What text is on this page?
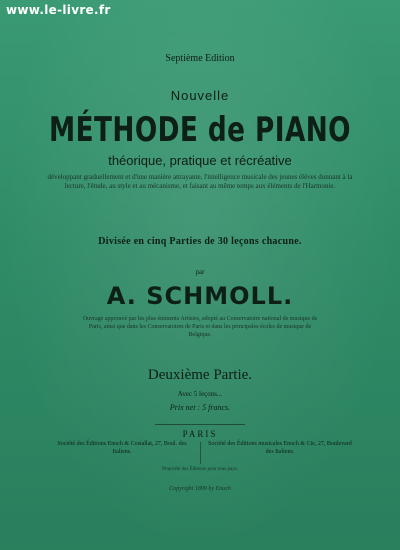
www.le-livre.fr
Septième Edition
Nouvelle
MÉTHODE de PIANO
théorique, pratique et récréative
développant graduellement et d'une manière attrayante, l'intelligence musicale des jeunes élèves donnant à la lecture, l'étude, au style et au mécanisme, et faisant au même temps aux éléments de l'Harmonie.
Divisée en cinq Parties de 30 leçons chacune.
par
A. SCHMOLL.
Ouvrage approuvé par les plus éminents Artistes, adopté au Conservatoire national de musique de Paris, ainsi que dans les Conservatoires de Paris et dans les principales écoles de musique de Belgique.
Deuxième Partie.
Avec 5 leçons...
Prix net : 5 francs.
PARIS
Société des Éditions Enoch & Costallat, 27, Boul. des Italiens.
Société des Éditions musicales Enoch & Cie, 27, Boulevard des Italiens.
Propriété des Éditeurs pour tous pays.
Copyright 1899 by Enoch
